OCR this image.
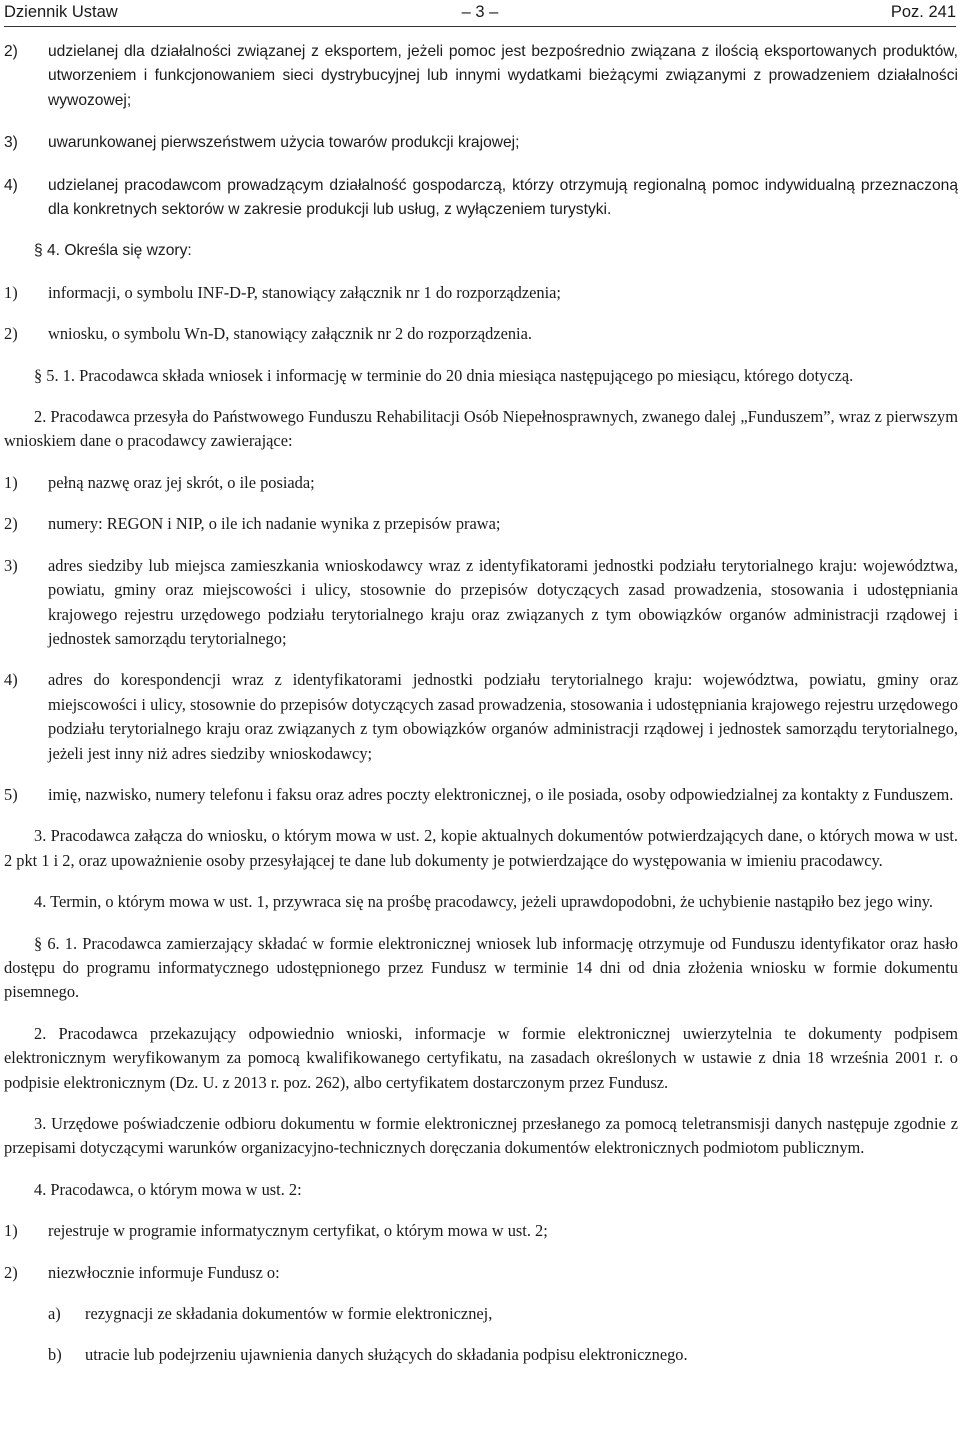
Dziennik Ustaw	– 3 –	Poz. 241

2) udzielanej dla działalności związanej z eksportem, jeżeli pomoc jest bezpośrednio związana z ilością eksportowanych produktów, utworzeniem i funkcjonowaniem sieci dystrybucyjnej lub innymi wydatkami bieżącymi związanymi z prowadzeniem działalności wywozowej;

3) uwarunkowanej pierwszeństwem użycia towarów produkcji krajowej;

4) udzielanej pracodawcom prowadzącym działalność gospodarczą, którzy otrzymują regionalną pomoc indywidualną przeznaczoną dla konkretnych sektorów w zakresie produkcji lub usług, z wyłączeniem turystyki.

§ 4. Określa się wzory:

1) informacji, o symbolu INF-D-P, stanowiący załącznik nr 1 do rozporządzenia;

2) wniosku, o symbolu Wn-D, stanowiący załącznik nr 2 do rozporządzenia.

§ 5. 1. Pracodawca składa wniosek i informację w terminie do 20 dnia miesiąca następującego po miesiącu, którego dotyczą.

2. Pracodawca przesyła do Państwowego Funduszu Rehabilitacji Osób Niepełnosprawnych, zwanego dalej „Funduszem”, wraz z pierwszym wnioskiem dane o pracodawcy zawierające:

1) pełną nazwę oraz jej skrót, o ile posiada;

2) numery: REGON i NIP, o ile ich nadanie wynika z przepisów prawa;

3) adres siedziby lub miejsca zamieszkania wnioskodawcy wraz z identyfikatorami jednostki podziału terytorialnego kraju: województwa, powiatu, gminy oraz miejscowości i ulicy, stosownie do przepisów dotyczących zasad prowadzenia, stosowania i udostępniania krajowego rejestru urzędowego podziału terytorialnego kraju oraz związanych z tym obowiązków organów administracji rządowej i jednostek samorządu terytorialnego;

4) adres do korespondencji wraz z identyfikatorami jednostki podziału terytorialnego kraju: województwa, powiatu, gminy oraz miejscowości i ulicy, stosownie do przepisów dotyczących zasad prowadzenia, stosowania i udostępniania krajowego rejestru urzędowego podziału terytorialnego kraju oraz związanych z tym obowiązków organów administracji rządowej i jednostek samorządu terytorialnego, jeżeli jest inny niż adres siedziby wnioskodawcy;

5) imię, nazwisko, numery telefonu i faksu oraz adres poczty elektronicznej, o ile posiada, osoby odpowiedzialnej za kontakty z Funduszem.

3. Pracodawca załącza do wniosku, o którym mowa w ust. 2, kopie aktualnych dokumentów potwierdzających dane, o których mowa w ust. 2 pkt 1 i 2, oraz upoważnienie osoby przesyłającej te dane lub dokumenty je potwierdzające do występowania w imieniu pracodawcy.

4. Termin, o którym mowa w ust. 1, przywraca się na prośbę pracodawcy, jeżeli uprawdopodobni, że uchybienie nastąpiło bez jego winy.

§ 6. 1. Pracodawca zamierzający składać w formie elektronicznej wniosek lub informację otrzymuje od Funduszu identyfikator oraz hasło dostępu do programu informatycznego udostępnionego przez Fundusz w terminie 14 dni od dnia złożenia wniosku w formie dokumentu pisemnego.

2. Pracodawca przekazujący odpowiednio wnioski, informacje w formie elektronicznej uwierzytelnia te dokumenty podpisem elektronicznym weryfikowanym za pomocą kwalifikowanego certyfikatu, na zasadach określonych w ustawie z dnia 18 września 2001 r. o podpisie elektronicznym (Dz. U. z 2013 r. poz. 262), albo certyfikatem dostarczonym przez Fundusz.

3. Urzędowe poświadczenie odbioru dokumentu w formie elektronicznej przesłanego za pomocą teletransmisji danych następuje zgodnie z przepisami dotyczącymi warunków organizacyjno-technicznych doręczania dokumentów elektronicznych podmiotom publicznym.

4. Pracodawca, o którym mowa w ust. 2:

1) rejestruje w programie informatycznym certyfikat, o którym mowa w ust. 2;

2) niezwłocznie informuje Fundusz o:

a) rezygnacji ze składania dokumentów w formie elektronicznej,

b) utracie lub podejrzeniu ujawnienia danych służących do składania podpisu elektronicznego.
